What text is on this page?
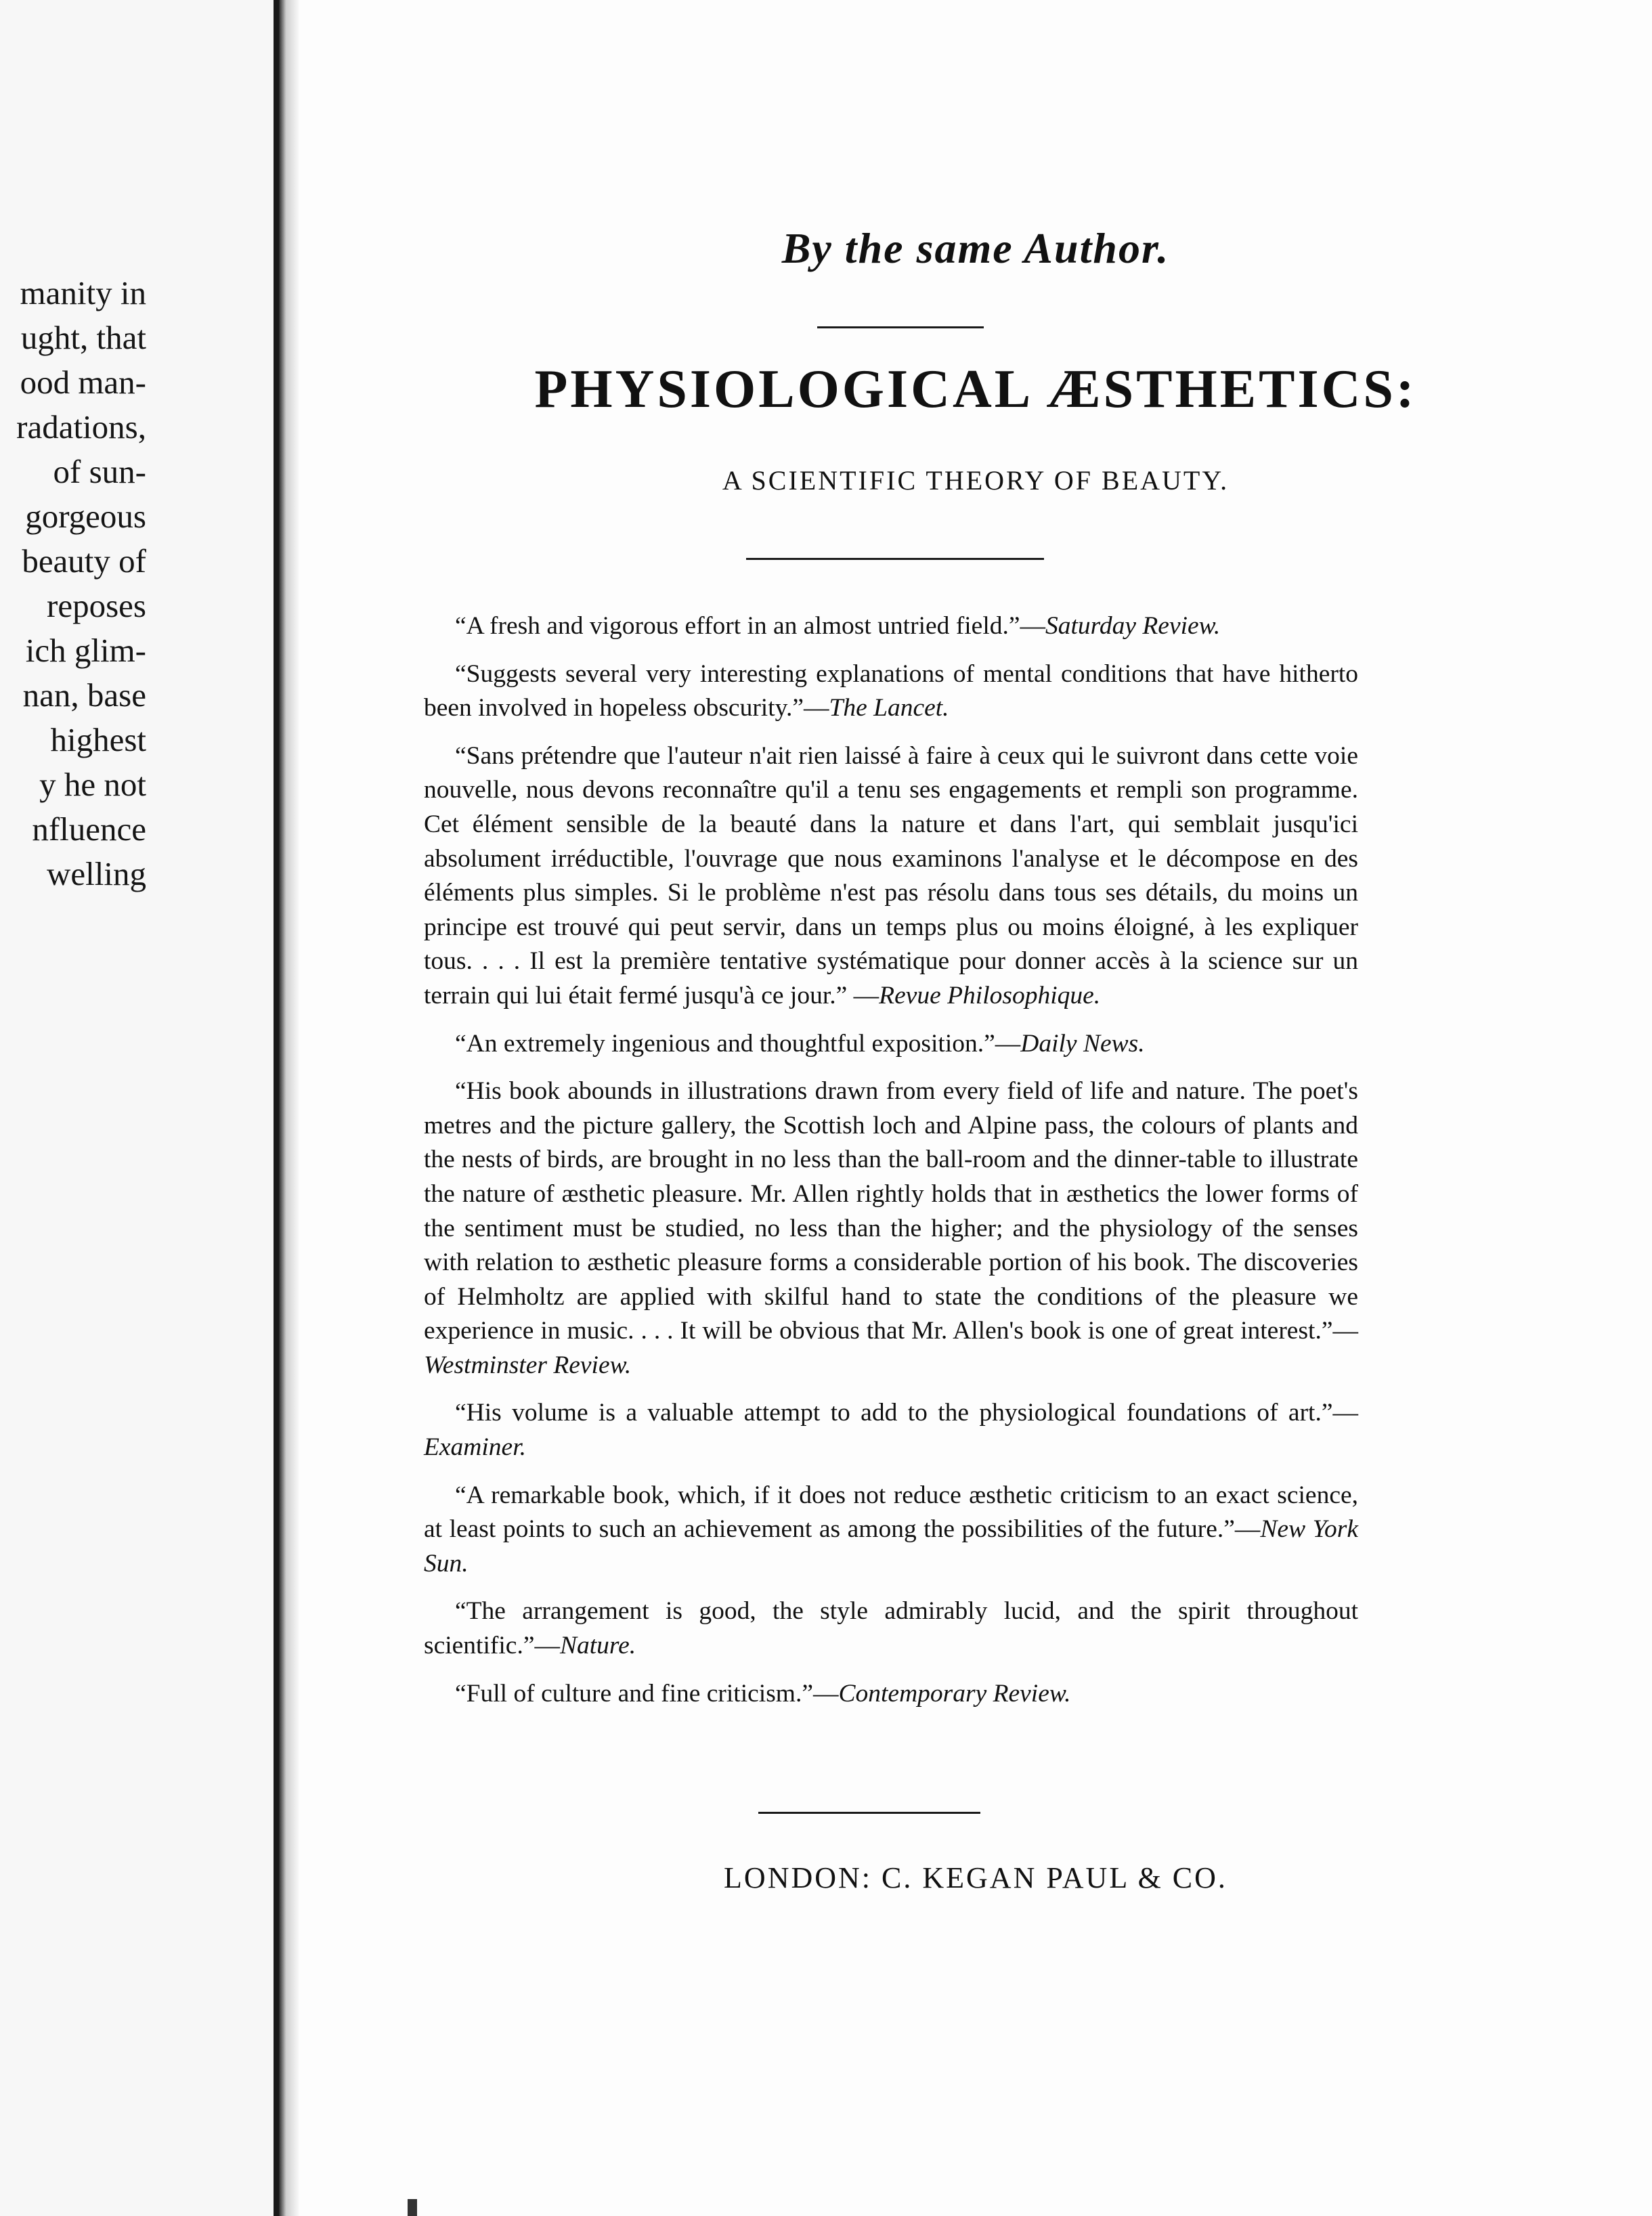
manity in
ught, that
ood man-
radations,
of sun-
gorgeous
beauty of
reposes
ich glim-
nan, base
highest
y he not
nfluence
welling
By the same Author.
PHYSIOLOGICAL ÆSTHETICS:
A SCIENTIFIC THEORY OF BEAUTY.

“A fresh and vigorous effort in an almost untried field.”—Saturday Review.

“Suggests several very interesting explanations of mental conditions that have hitherto been involved in hopeless obscurity.”—The Lancet.

“Sans prétendre que l'auteur n'ait rien laissé à faire à ceux qui le suivront dans cette voie nouvelle, nous devons reconnaître qu'il a tenu ses engagements et rempli son programme. Cet élément sensible de la beauté dans la nature et dans l'art, qui semblait jusqu'ici absolument irréductible, l'ouvrage que nous examinons l'analyse et le décompose en des éléments plus simples. Si le problème n'est pas résolu dans tous ses détails, du moins un principe est trouvé qui peut servir, dans un temps plus ou moins éloigné, à les expliquer tous. . . . Il est la première tentative systématique pour donner accès à la science sur un terrain qui lui était fermé jusqu'à ce jour.” —Revue Philosophique.

“An extremely ingenious and thoughtful exposition.”—Daily News.

“His book abounds in illustrations drawn from every field of life and nature. The poet's metres and the picture gallery, the Scottish loch and Alpine pass, the colours of plants and the nests of birds, are brought in no less than the ball-room and the dinner-table to illustrate the nature of æsthetic pleasure. Mr. Allen rightly holds that in æsthetics the lower forms of the sentiment must be studied, no less than the higher; and the physiology of the senses with relation to æsthetic pleasure forms a considerable portion of his book. The discoveries of Helmholtz are applied with skilful hand to state the conditions of the pleasure we experience in music. . . . It will be obvious that Mr. Allen's book is one of great interest.”—Westminster Review.

“His volume is a valuable attempt to add to the physiological foundations of art.”—Examiner.

“A remarkable book, which, if it does not reduce æsthetic criticism to an exact science, at least points to such an achievement as among the possibilities of the future.”—New York Sun.

“The arrangement is good, the style admirably lucid, and the spirit throughout scientific.”—Nature.

“Full of culture and fine criticism.”—Contemporary Review.

LONDON: C. KEGAN PAUL & CO.
